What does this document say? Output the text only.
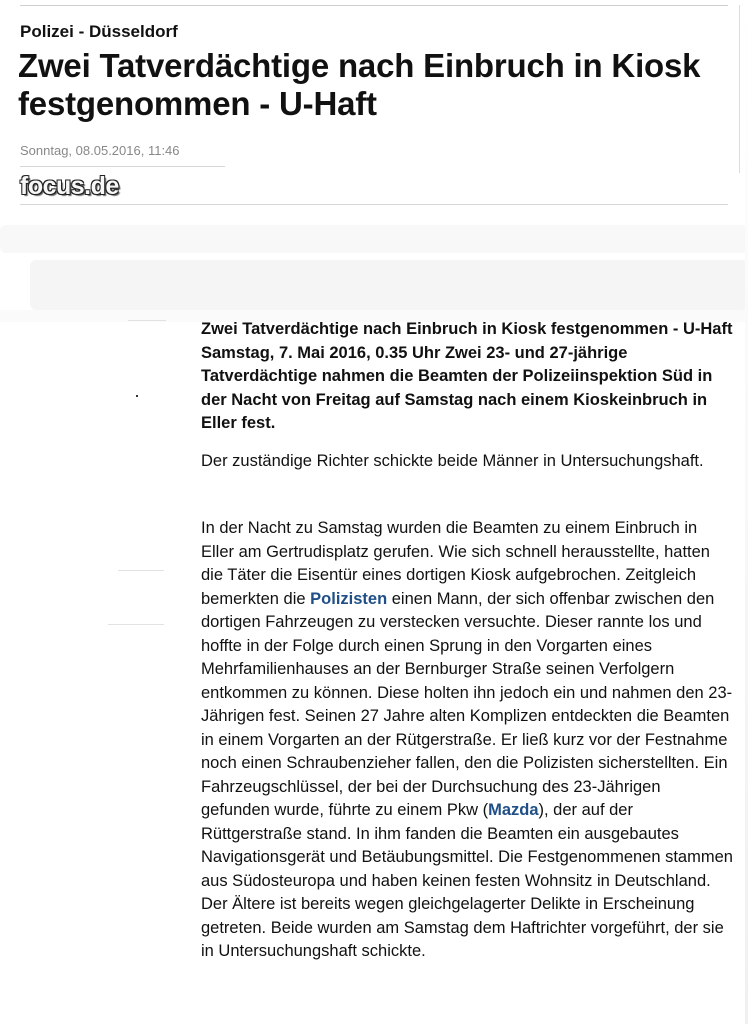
Polizei - Düsseldorf
Zwei Tatverdächtige nach Einbruch in Kiosk festgenommen - U-Haft
Sonntag, 08.05.2016, 11:46
focus.de

Zwei Tatverdächtige nach Einbruch in Kiosk festgenommen - U-Haft Samstag, 7. Mai 2016, 0.35 Uhr Zwei 23- und 27-jährige Tatverdächtige nahmen die Beamten der Polizeiinspektion Süd in der Nacht von Freitag auf Samstag nach einem Kioskeinbruch in Eller fest.

Der zuständige Richter schickte beide Männer in Untersuchungshaft.

In der Nacht zu Samstag wurden die Beamten zu einem Einbruch in Eller am Gertrudisplatz gerufen. Wie sich schnell herausstellte, hatten die Täter die Eisentür eines dortigen Kiosk aufgebrochen. Zeitgleich bemerkten die Polizisten einen Mann, der sich offenbar zwischen den dortigen Fahrzeugen zu verstecken versuchte. Dieser rannte los und hoffte in der Folge durch einen Sprung in den Vorgarten eines Mehrfamilienhauses an der Bernburger Straße seinen Verfolgern entkommen zu können. Diese holten ihn jedoch ein und nahmen den 23-Jährigen fest. Seinen 27 Jahre alten Komplizen entdeckten die Beamten in einem Vorgarten an der Rütgerstraße. Er ließ kurz vor der Festnahme noch einen Schraubenzieher fallen, den die Polizisten sicherstellten. Ein Fahrzeugschlüssel, der bei der Durchsuchung des 23-Jährigen gefunden wurde, führte zu einem Pkw (Mazda), der auf der Rüttgerstraße stand. In ihm fanden die Beamten ein ausgebautes Navigationsgerät und Betäubungsmittel. Die Festgenommenen stammen aus Südosteuropa und haben keinen festen Wohnsitz in Deutschland. Der Ältere ist bereits wegen gleichgelagerter Delikte in Erscheinung getreten. Beide wurden am Samstag dem Haftrichter vorgeführt, der sie in Untersuchungshaft schickte.
